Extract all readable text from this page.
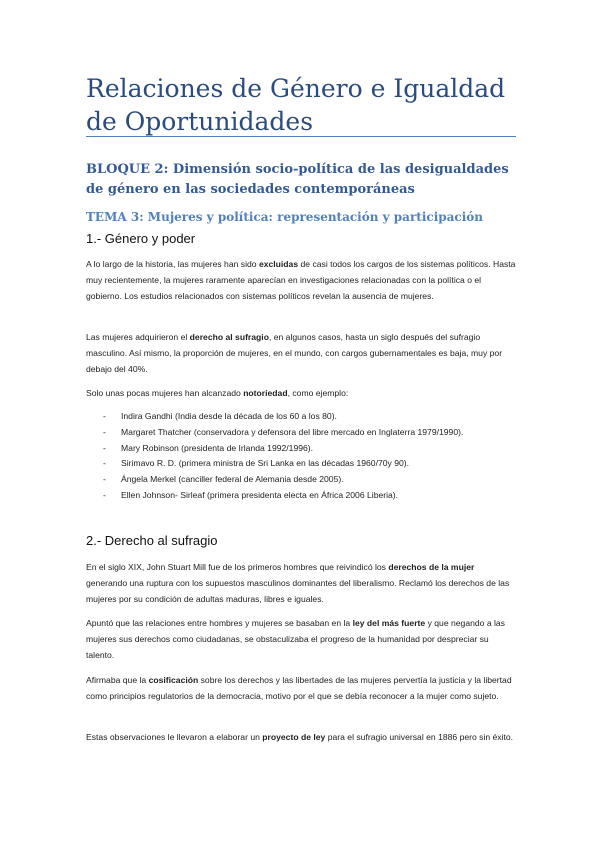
Relaciones de Género e Igualdad de Oportunidades
BLOQUE 2: Dimensión socio-política de las desigualdades de género en las sociedades contemporáneas
TEMA 3: Mujeres y política: representación y participación
1.- Género y poder

A lo largo de la historia, las mujeres han sido excluidas de casi todos los cargos de los sistemas políticos. Hasta muy recientemente, la mujeres raramente aparecían en investigaciones relacionadas con la política o el gobierno. Los estudios relacionados con sistemas políticos revelan la ausencia de mujeres.

Las mujeres adquirieron el derecho al sufragio, en algunos casos, hasta un siglo después del sufragio masculino. Así mismo, la proporción de mujeres, en el mundo, con cargos gubernamentales es baja, muy por debajo del 40%.

Solo unas pocas mujeres han alcanzado notoriedad, como ejemplo:

- Indira Gandhi (India desde la década de los 60 a los 80).
- Margaret Thatcher (conservadora y defensora del libre mercado en Inglaterra 1979/1990).
- Mary Robinson (presidenta de Irlanda 1992/1996).
- Sirimavo R. D. (primera ministra de Sri Lanka en las décadas 1960/70y 90).
- Ángela Merkel (canciller federal de Alemania desde 2005).
- Ellen Johnson- Sirleaf (primera presidenta electa en África 2006 Liberia).
2.- Derecho al sufragio

En el siglo XIX, John Stuart Mill fue de los primeros hombres que reivindicó los derechos de la mujer generando una ruptura con los supuestos masculinos dominantes del liberalismo. Reclamó los derechos de las mujeres por su condición de adultas maduras, libres e iguales.

Apuntó que las relaciones entre hombres y mujeres se basaban en la ley del más fuerte y que negando a las mujeres sus derechos como ciudadanas, se obstaculizaba el progreso de la humanidad por despreciar su talento.

Afirmaba que la cosificación sobre los derechos y las libertades de las mujeres pervertía la justicia y la libertad como principios regulatorios de la democracia, motivo por el que se debía reconocer a la mujer como sujeto.

Estas observaciones le llevaron a elaborar un proyecto de ley para el sufragio universal en 1886 pero sin éxito.
